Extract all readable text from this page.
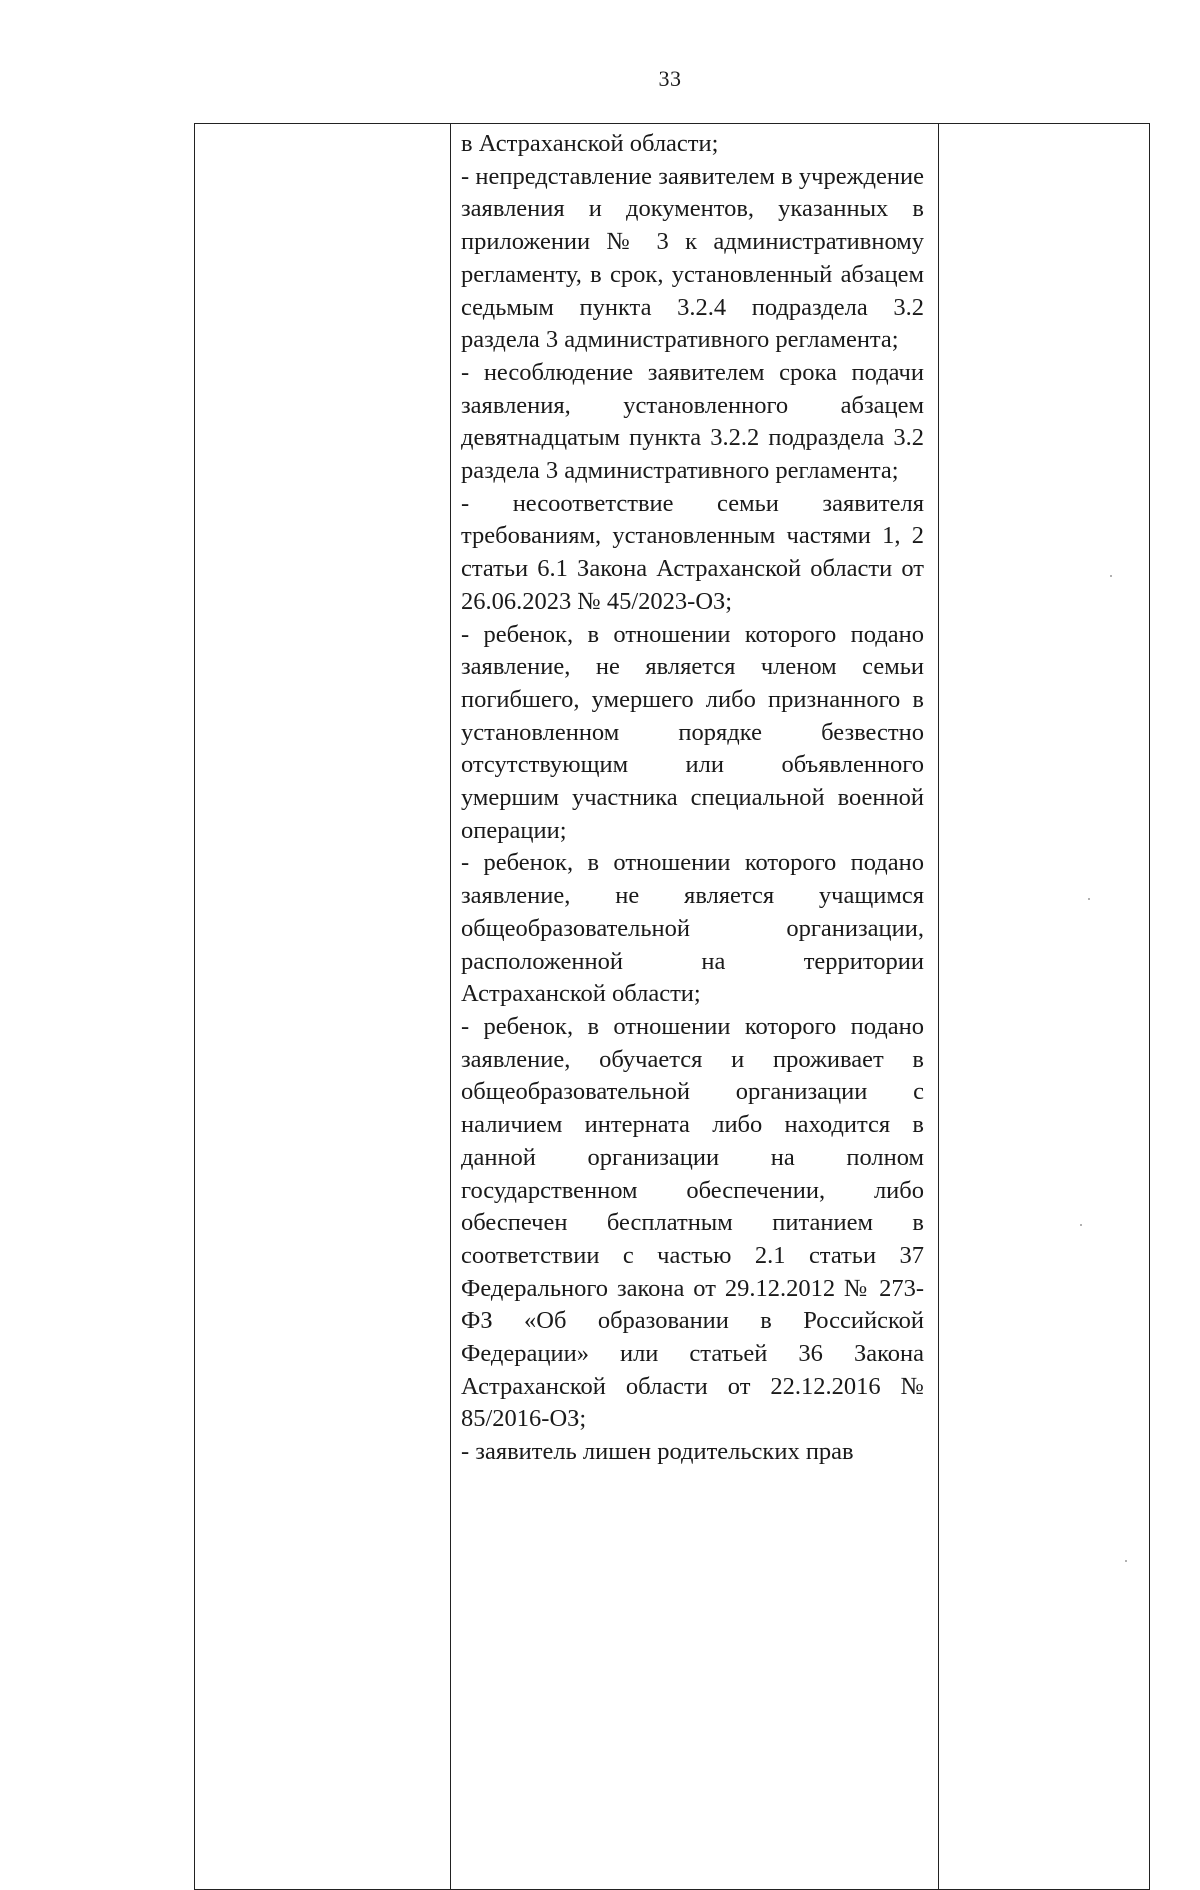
33

в Астраханской области;

- непредставление заявителем в учреждение заявления и документов, указанных в приложении № 3 к административному регламенту, в срок, установленный абзацем седьмым пункта 3.2.4 подраздела 3.2 раздела 3 административного регламента;

- несоблюдение заявителем срока подачи заявления, установленного абзацем девятнадцатым пункта 3.2.2 подраздела 3.2 раздела 3 административного регламента;

- несоответствие семьи заявителя требованиям, установленным частями 1, 2 статьи 6.1 Закона Астраханской области от 26.06.2023 № 45/2023-ОЗ;

- ребенок, в отношении которого подано заявление, не является членом семьи погибшего, умершего либо признанного в установленном порядке безвестно отсутствующим или объявленного умершим участника специальной военной операции;

- ребенок, в отношении которого подано заявление, не является учащимся общеобразовательной организации, расположенной на территории Астраханской области;

- ребенок, в отношении которого подано заявление, обучается и проживает в общеобразовательной организации с наличием интерната либо находится в данной организации на полном государственном обеспечении, либо обеспечен бесплатным питанием в соответствии с частью 2.1 статьи 37 Федерального закона от 29.12.2012 № 273-ФЗ «Об образовании в Российской Федерации» или статьей 36 Закона Астраханской области от 22.12.2016 № 85/2016-ОЗ;

- заявитель лишен родительских прав
